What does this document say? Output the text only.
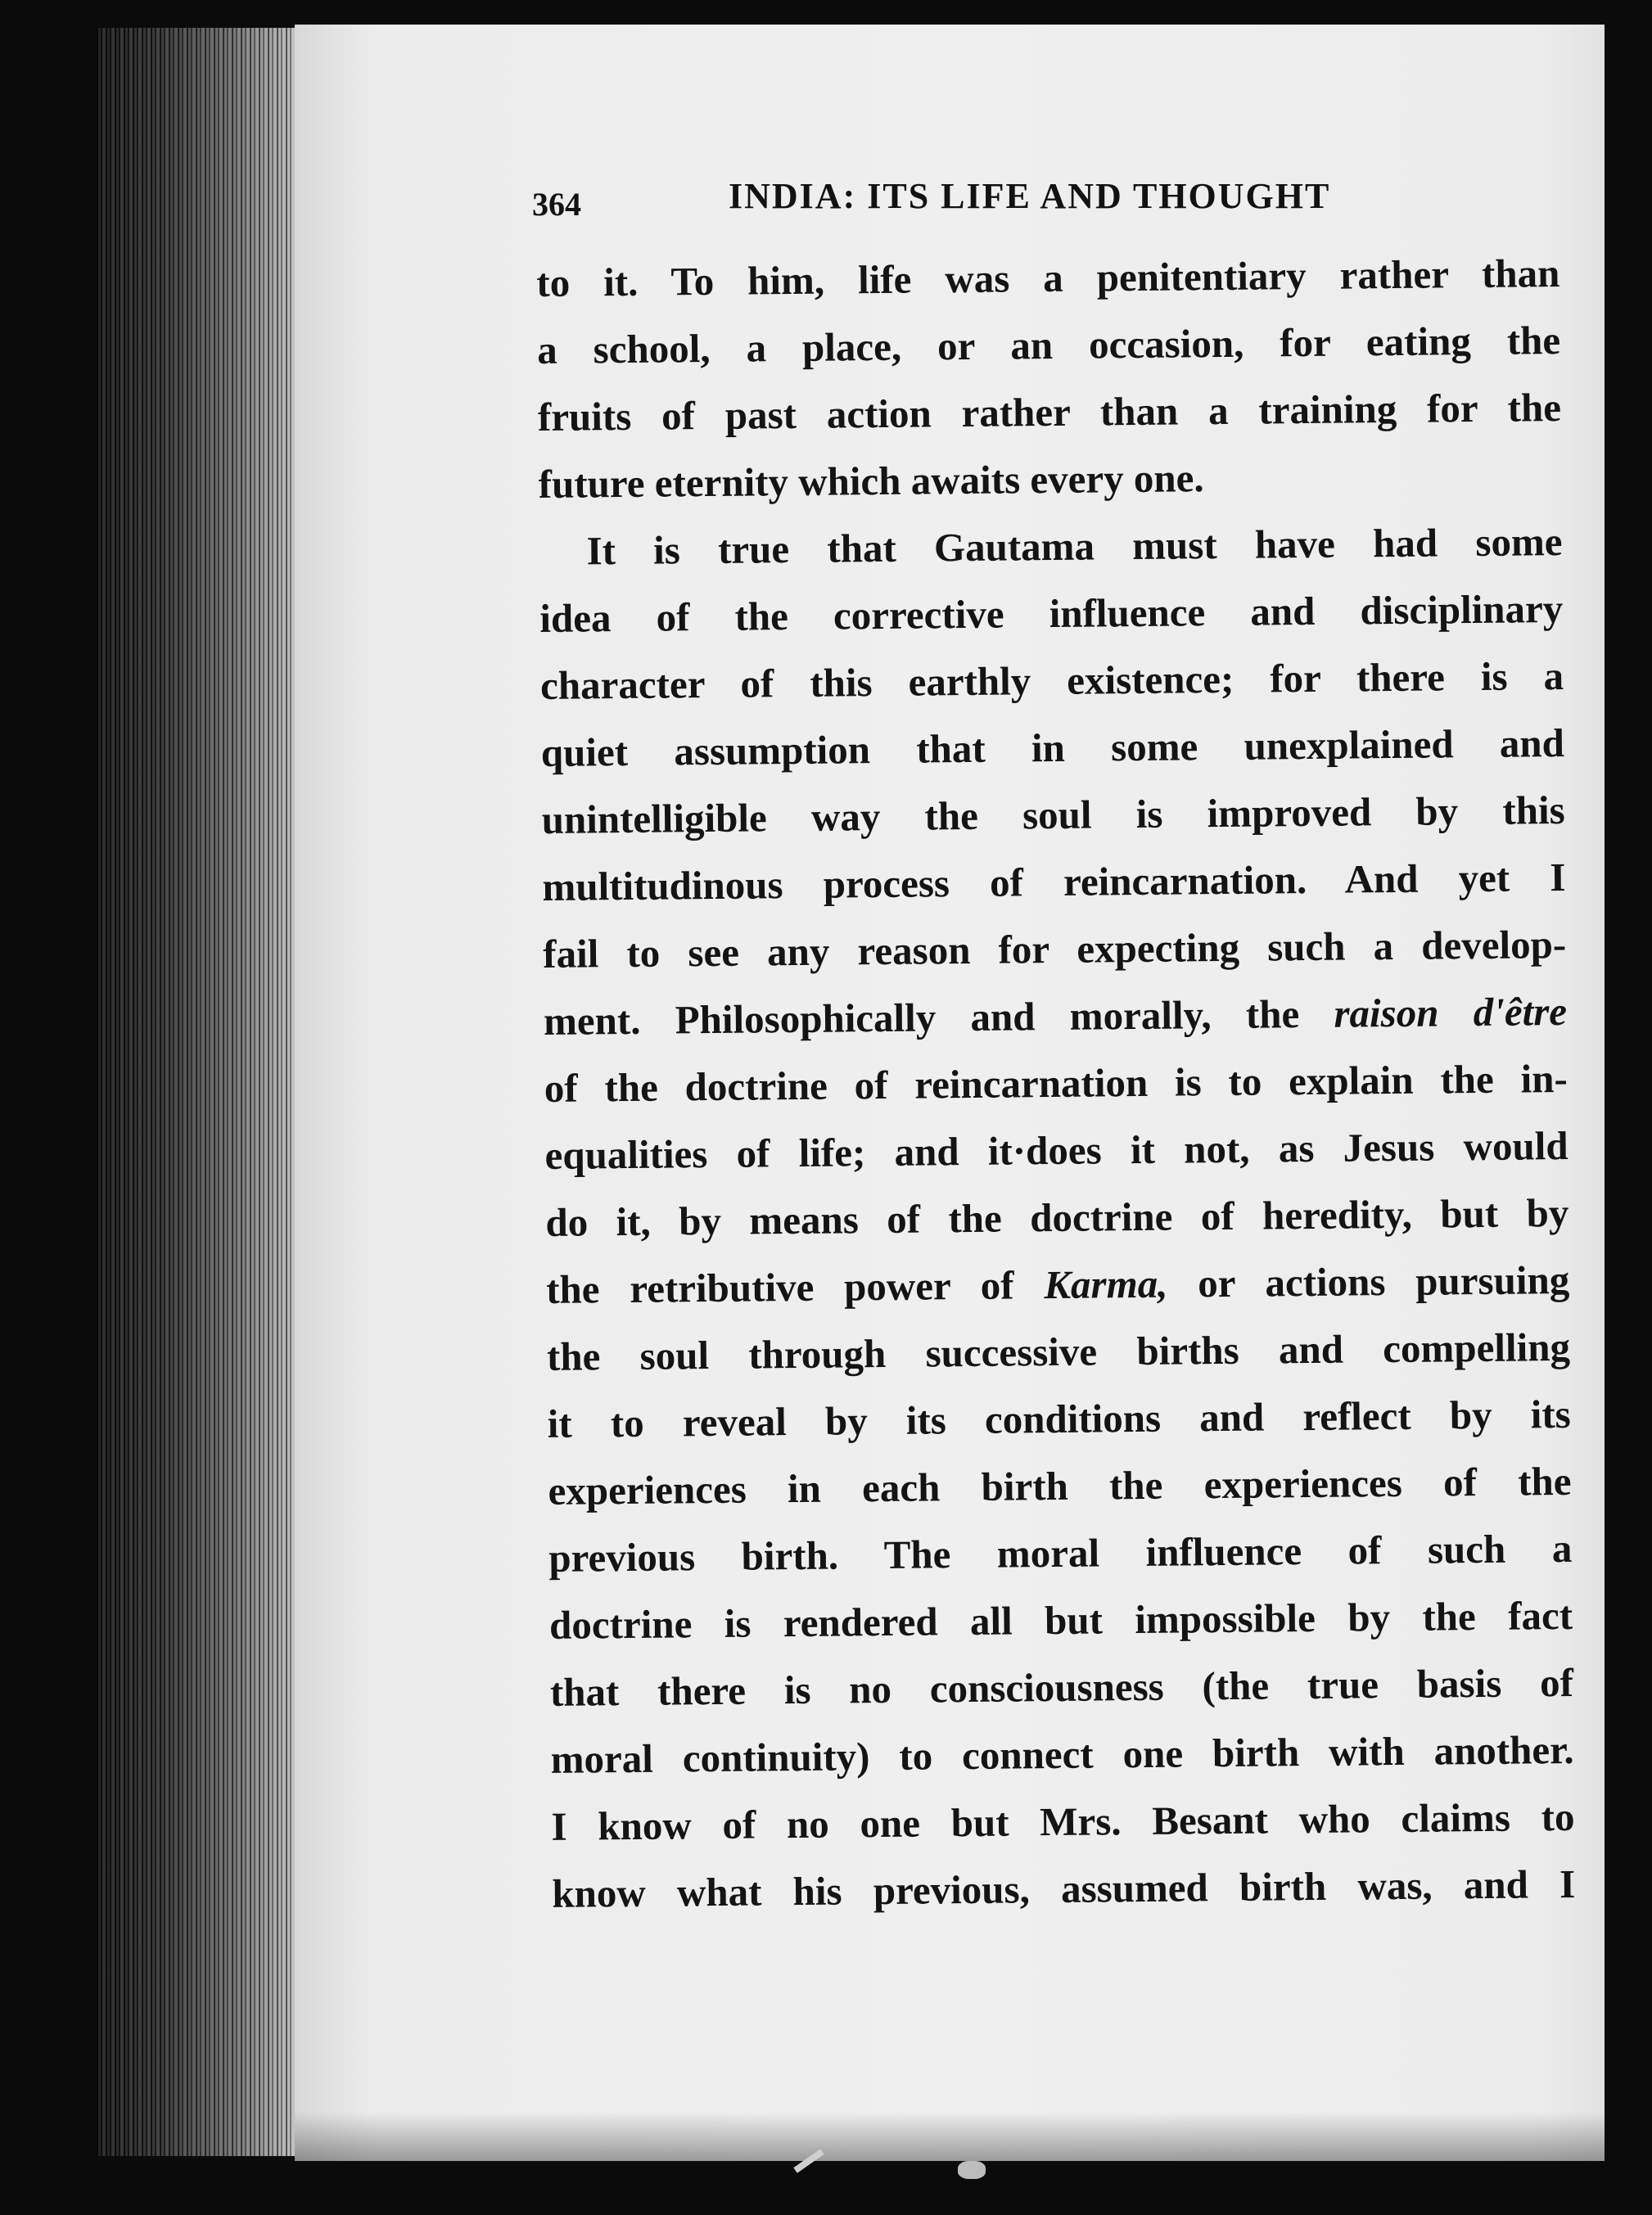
364	INDIA: ITS LIFE AND THOUGHT
to it. To him, life was a penitentiary rather than
a school, a place, or an occasion, for eating the
fruits of past action rather than a training for the
future eternity which awaits every one.
It is true that Gautama must have had some
idea of the corrective influence and disciplinary
character of this earthly existence; for there is a
quiet assumption that in some unexplained and
unintelligible way the soul is improved by this
multitudinous process of reincarnation. And yet I
fail to see any reason for expecting such a develop-
ment. Philosophically and morally, the raison d'être
of the doctrine of reincarnation is to explain the in-
equalities of life; and it·does it not, as Jesus would
do it, by means of the doctrine of heredity, but by
the retributive power of Karma, or actions pursuing
the soul through successive births and compelling
it to reveal by its conditions and reflect by its
experiences in each birth the experiences of the
previous birth. The moral influence of such a
doctrine is rendered all but impossible by the fact
that there is no consciousness (the true basis of
moral continuity) to connect one birth with another.
I know of no one but Mrs. Besant who claims to
know what his previous, assumed birth was, and I
